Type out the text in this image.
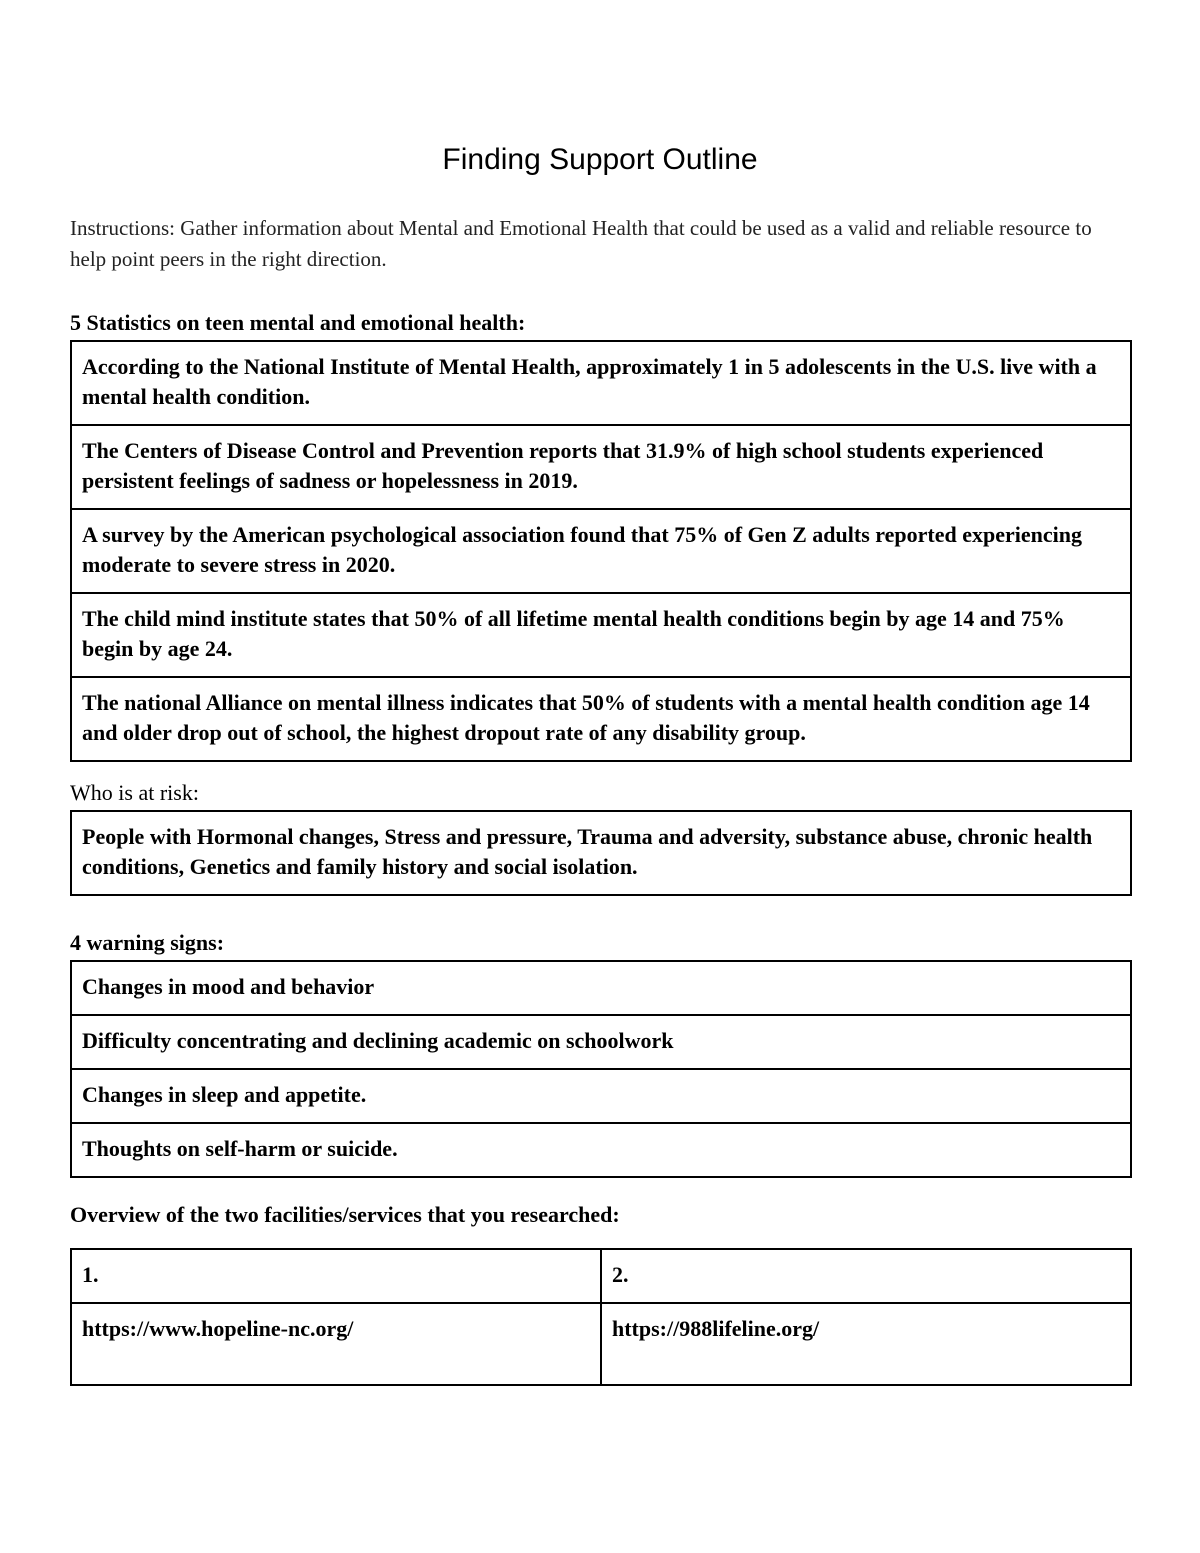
Finding Support Outline
Instructions: Gather information about Mental and Emotional Health that could be used as a valid and reliable resource to help point peers in the right direction.
5 Statistics on teen mental and emotional health:
According to the National Institute of Mental Health, approximately 1 in 5 adolescents in the U.S. live with a mental health condition.
The Centers of Disease Control and Prevention reports that 31.9% of high school students experienced persistent feelings of sadness or hopelessness in 2019.
A survey by the American psychological association found that 75% of Gen Z adults reported experiencing moderate to severe stress in 2020.
The child mind institute states that 50% of all lifetime mental health conditions begin by age 14 and 75% begin by age 24.
The national Alliance on mental illness indicates that 50% of students with a mental health condition age 14 and older drop out of school, the highest dropout rate of any disability group.
Who is at risk:
People with Hormonal changes, Stress and pressure, Trauma and adversity, substance abuse, chronic health conditions, Genetics and family history and social isolation.
4 warning signs:
Changes in mood and behavior
Difficulty concentrating and declining academic on schoolwork
Changes in sleep and appetite.
Thoughts on self-harm or suicide.
Overview of the two facilities/services that you researched:
1.	2.
https://www.hopeline-nc.org/	https://988lifeline.org/
